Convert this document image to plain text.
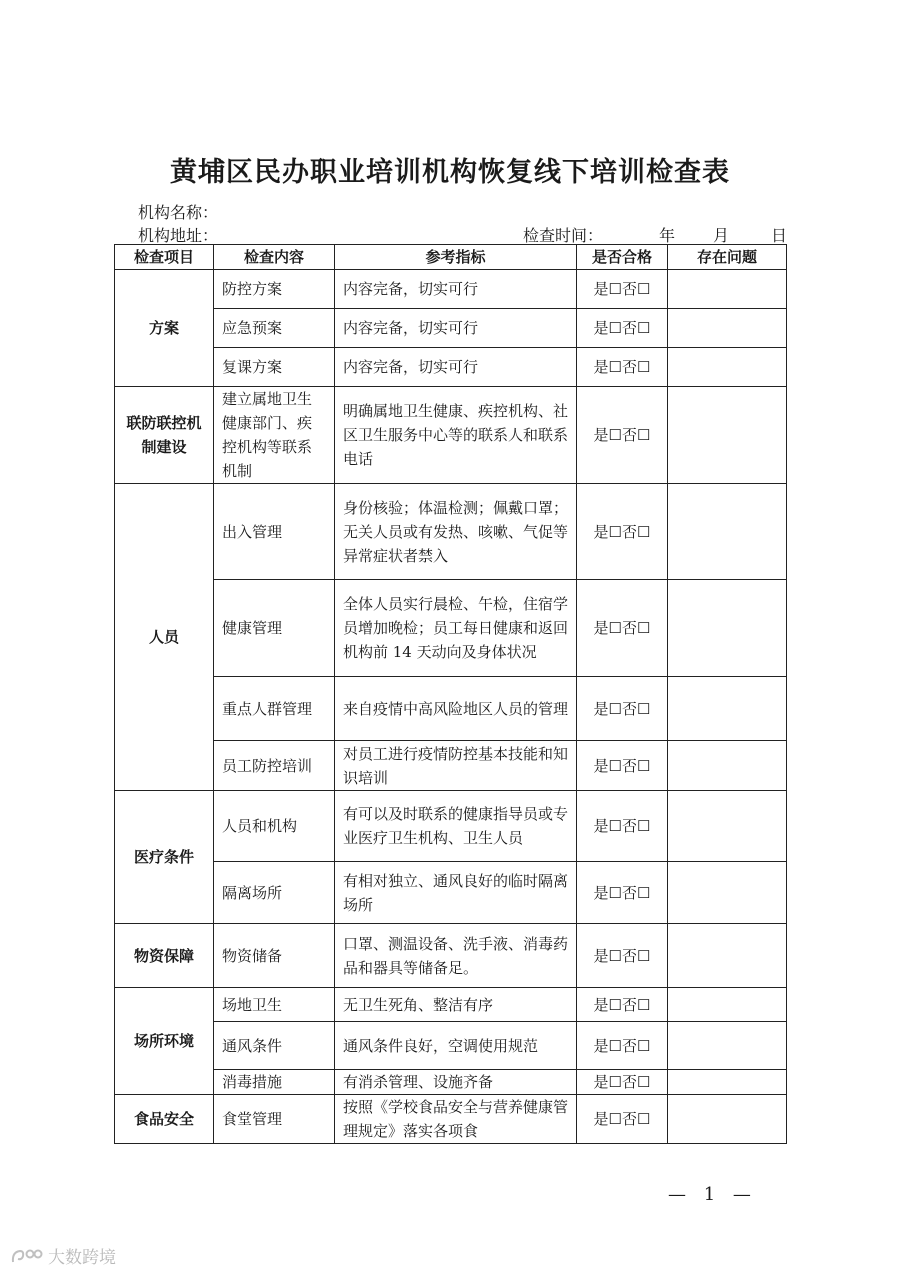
黄埔区民办职业培训机构恢复线下培训检查表
机构名称：
机构地址：	检查时间：	年 月	日
检查项目	检查内容	参考指标	是否合格	存在问题
方案	防控方案	内容完备，切实可行	是☐否☐	
	应急预案	内容完备，切实可行	是☐否☐	
	复课方案	内容完备，切实可行	是☐否☐	
联防联控机制建设	建立属地卫生健康部门、疾控机构等联系机制	明确属地卫生健康、疾控机构、社区卫生服务中心等的联系人和联系电话	是☐否☐	
人员	出入管理	身份核验；体温检测；佩戴口罩；无关人员或有发热、咳嗽、气促等异常症状者禁入	是☐否☐	
	健康管理	全体人员实行晨检、午检，住宿学员增加晚检；员工每日健康和返回机构前 14 天动向及身体状况	是☐否☐	
	重点人群管理	来自疫情中高风险地区人员的管理	是☐否☐	
	员工防控培训	对员工进行疫情防控基本技能和知识培训	是☐否☐	
医疗条件	人员和机构	有可以及时联系的健康指导员或专业医疗卫生机构、卫生人员	是☐否☐	
	隔离场所	有相对独立、通风良好的临时隔离场所	是☐否☐	
物资保障	物资储备	口罩、测温设备、洗手液、消毒药品和器具等储备足。	是☐否☐	
场所环境	场地卫生	无卫生死角、整洁有序	是☐否☐	
	通风条件	通风条件良好，空调使用规范	是☐否☐	
	消毒措施	有消杀管理、设施齐备	是☐否☐	
食品安全	食堂管理	按照《学校食品安全与营养健康管理规定》落实各项食	是☐否☐	
— 1 —
大数跨境
